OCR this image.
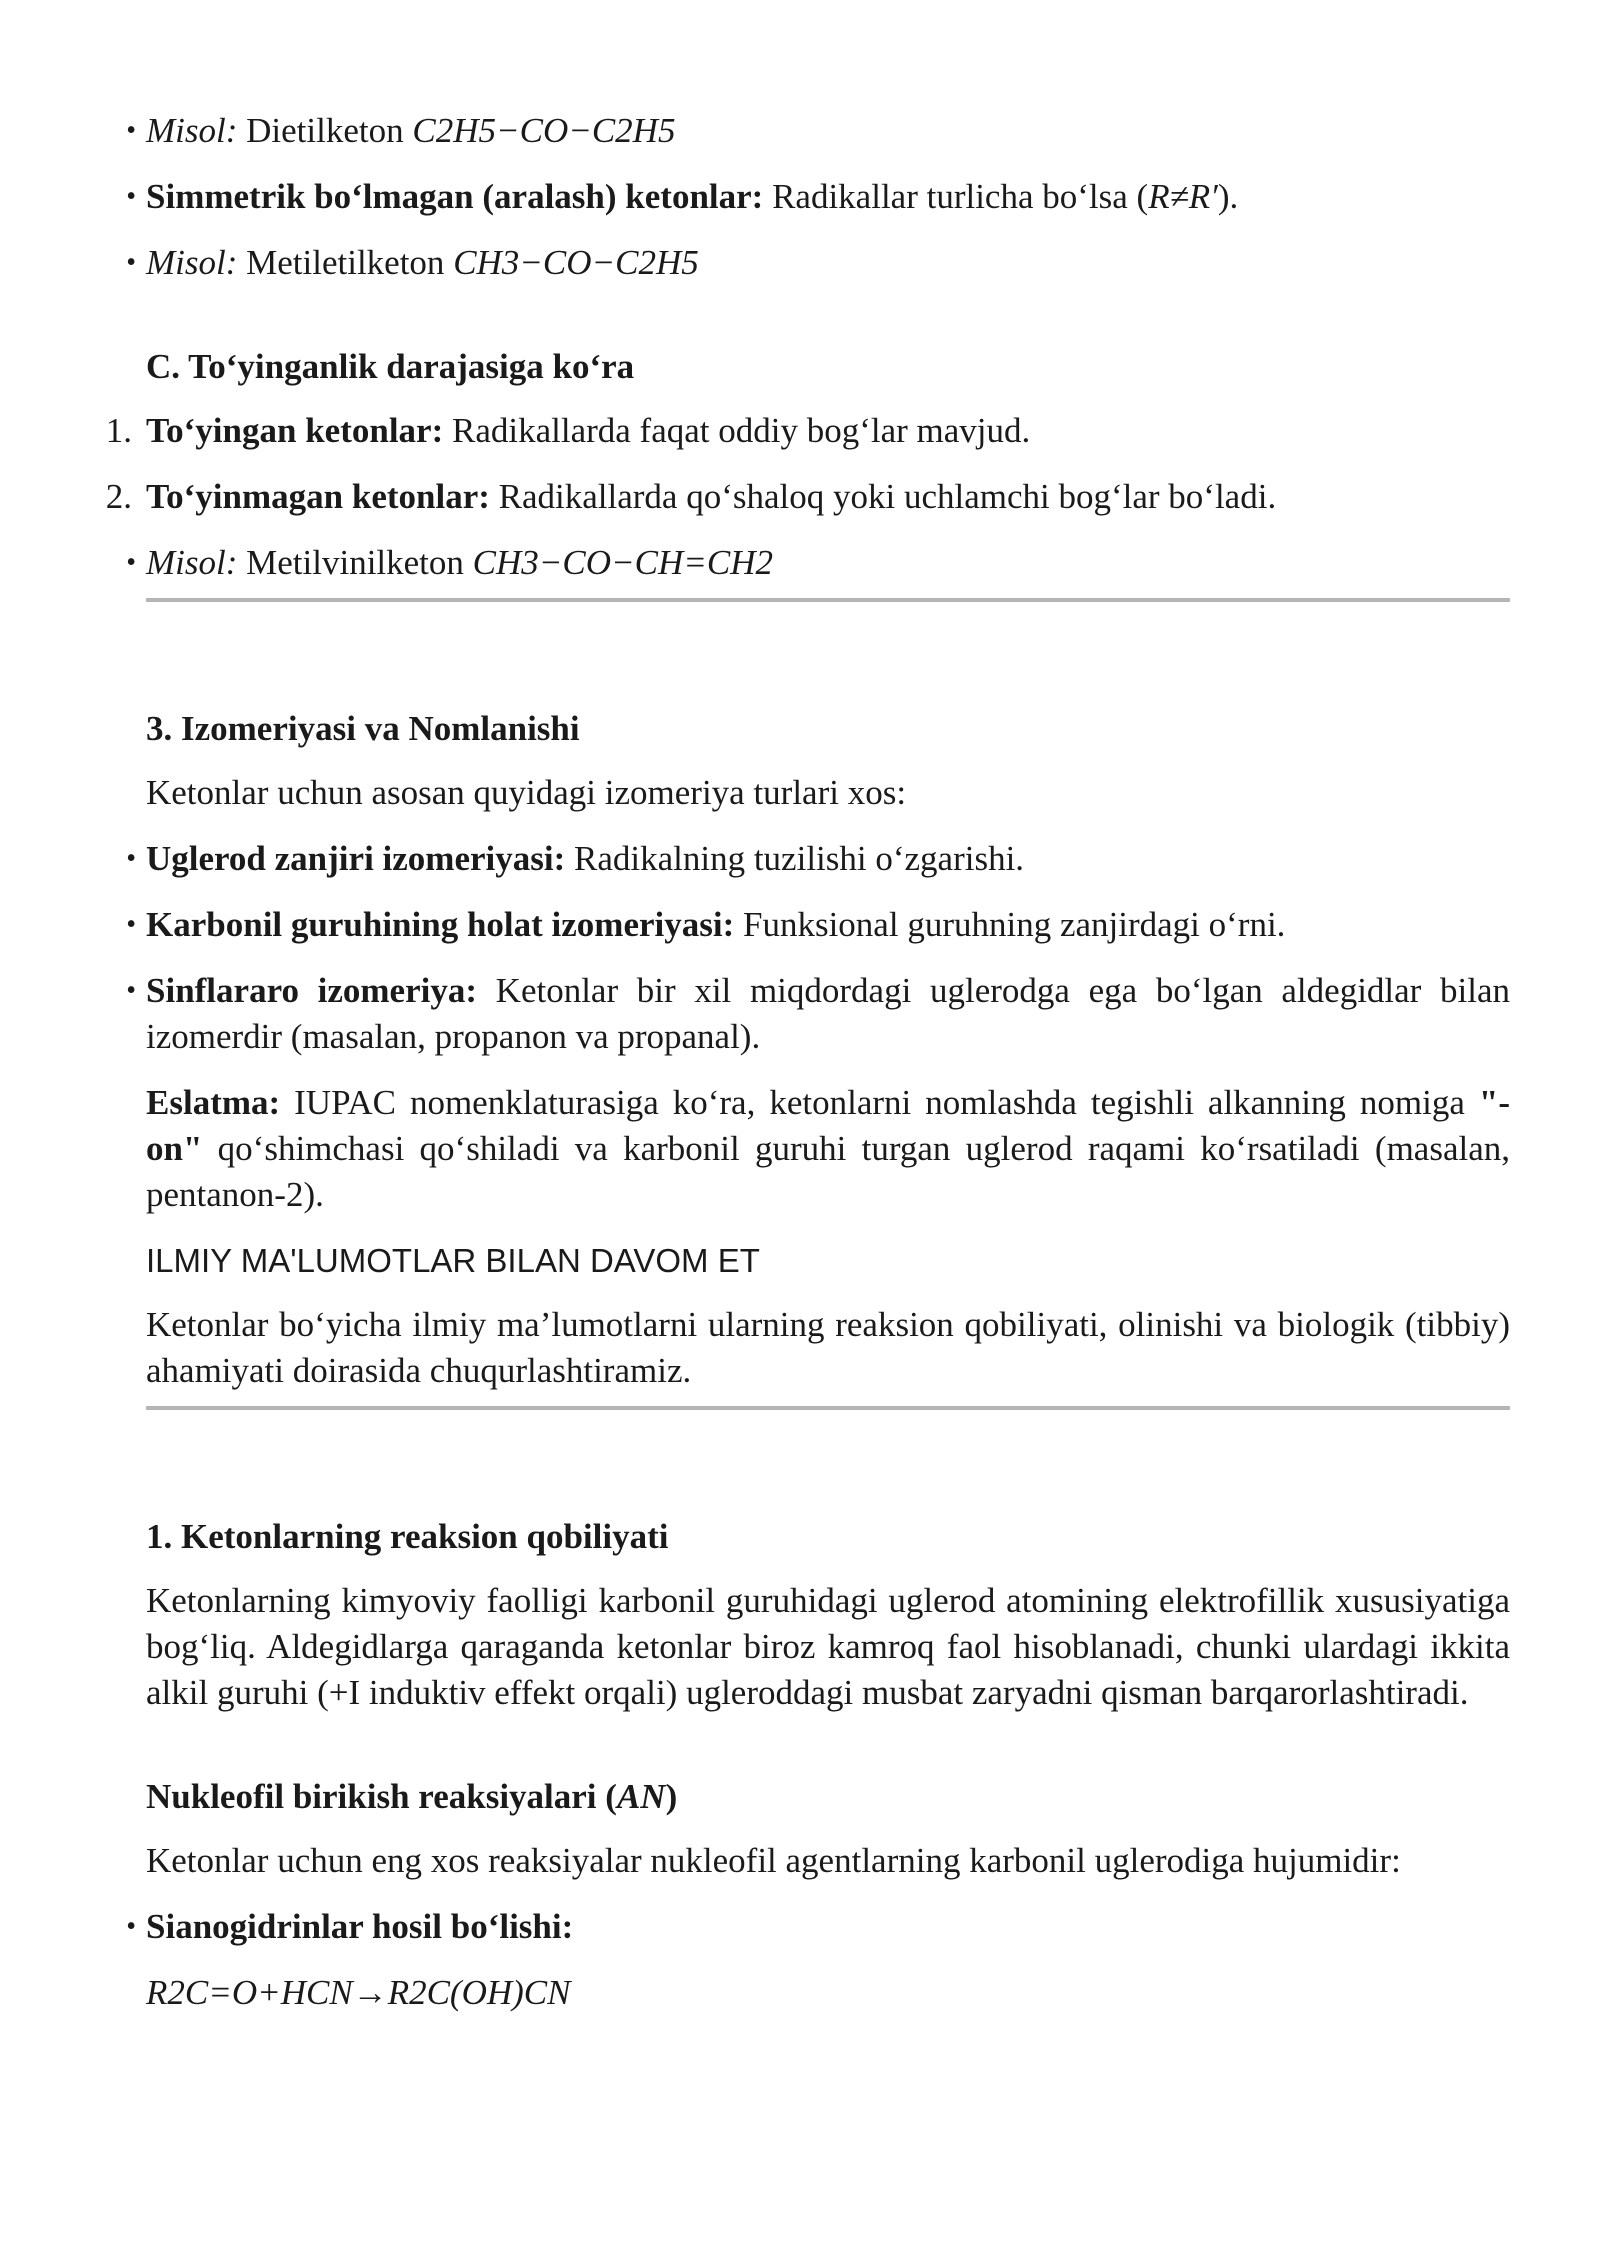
• Misol: Dietilketon C2H5−CO−C2H5

• Simmetrik bo‘lmagan (aralash) ketonlar: Radikallar turlicha bo‘lsa (R≠R′).

• Misol: Metiletilketon CH3−CO−C2H5

C. To‘yinganlik darajasiga ko‘ra

1. To‘yingan ketonlar: Radikallarda faqat oddiy bog‘lar mavjud.

2. To‘yinmagan ketonlar: Radikallarda qo‘shaloq yoki uchlamchi bog‘lar bo‘ladi.

• Misol: Metilvinilketon CH3−CO−CH=CH2

3. Izomeriyasi va Nomlanishi

Ketonlar uchun asosan quyidagi izomeriya turlari xos:

• Uglerod zanjiri izomeriyasi: Radikalning tuzilishi o‘zgarishi.

• Karbonil guruhining holat izomeriyasi: Funksional guruhning zanjirdagi o‘rni.

• Sinflararo izomeriya: Ketonlar bir xil miqdordagi uglerodga ega bo‘lgan aldegidlar bilan izomerdir (masalan, propanon va propanal).

Eslatma: IUPAC nomenklaturasiga ko‘ra, ketonlarni nomlashda tegishli alkanning nomiga "-on" qo‘shimchasi qo‘shiladi va karbonil guruhi turgan uglerod raqami ko‘rsatiladi (masalan, pentanon-2).

ILMIY MA'LUMOTLAR BILAN DAVOM ET

Ketonlar bo‘yicha ilmiy ma’lumotlarni ularning reaksion qobiliyati, olinishi va biologik (tibbiy) ahamiyati doirasida chuqurlashtiramiz.

1. Ketonlarning reaksion qobiliyati

Ketonlarning kimyoviy faolligi karbonil guruhidagi uglerod atomining elektrofillik xususiyatiga bog‘liq. Aldegidlarga qaraganda ketonlar biroz kamroq faol hisoblanadi, chunki ulardagi ikkita alkil guruhi (+I induktiv effekt orqali) ugleroddagi musbat zaryadni qisman barqarorlashtiradi.

Nukleofil birikish reaksiyalari (AN)

Ketonlar uchun eng xos reaksiyalar nukleofil agentlarning karbonil uglerodiga hujumidir:

• Sianogidrinlar hosil bo‘lishi:

R2C=O+HCN→R2C(OH)CN
